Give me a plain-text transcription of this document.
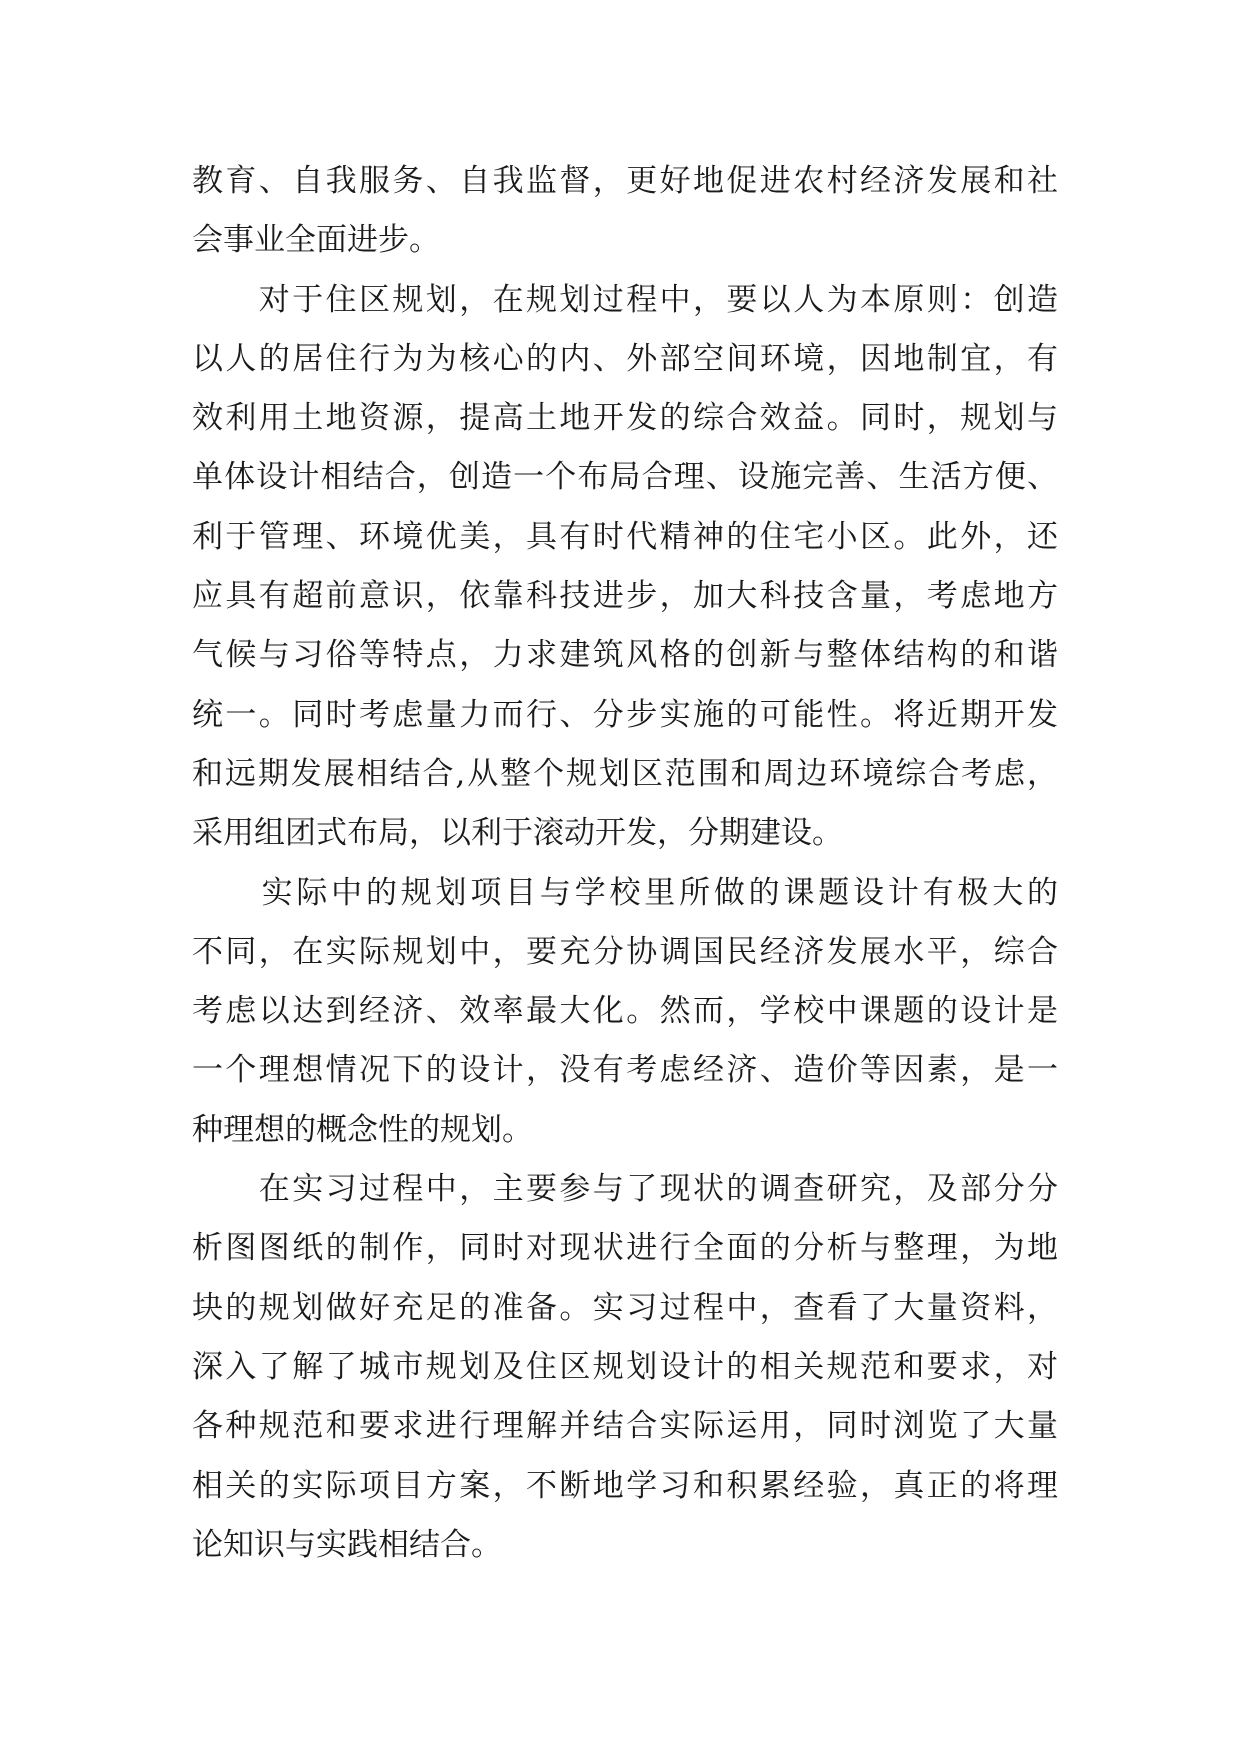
教育、自我服务、自我监督，更好地促进农村经济发展和社
会事业全面进步。
　　对于住区规划，在规划过程中，要以人为本原则：创造
以人的居住行为为核心的内、外部空间环境，因地制宜，有
效利用土地资源，提高土地开发的综合效益。同时，规划与
单体设计相结合，创造一个布局合理、设施完善、生活方便、
利于管理、环境优美，具有时代精神的住宅小区。此外，还
应具有超前意识，依靠科技进步，加大科技含量，考虑地方
气候与习俗等特点，力求建筑风格的创新与整体结构的和谐
统一。同时考虑量力而行、分步实施的可能性。将近期开发
和远期发展相结合,从整个规划区范围和周边环境综合考虑，
采用组团式布局，以利于滚动开发，分期建设。
　　实际中的规划项目与学校里所做的课题设计有极大的
不同，在实际规划中，要充分协调国民经济发展水平，综合
考虑以达到经济、效率最大化。然而，学校中课题的设计是
一个理想情况下的设计，没有考虑经济、造价等因素，是一
种理想的概念性的规划。
　　在实习过程中，主要参与了现状的调查研究，及部分分
析图图纸的制作，同时对现状进行全面的分析与整理，为地
块的规划做好充足的准备。实习过程中，查看了大量资料，
深入了解了城市规划及住区规划设计的相关规范和要求，对
各种规范和要求进行理解并结合实际运用，同时浏览了大量
相关的实际项目方案，不断地学习和积累经验，真正的将理
论知识与实践相结合。
